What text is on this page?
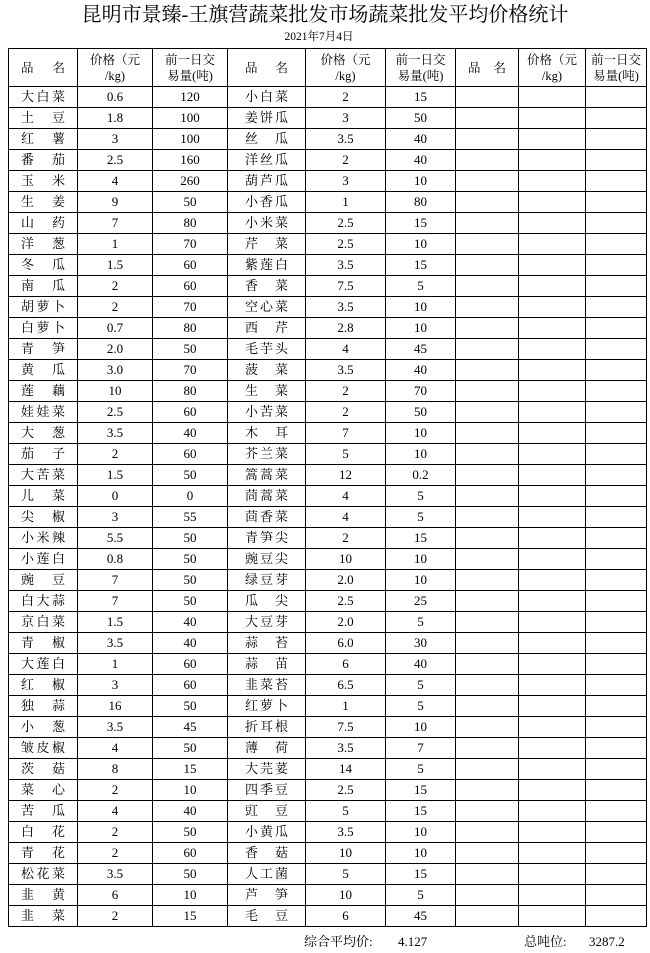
昆明市景臻-王旗营蔬菜批发市场蔬菜批发平均价格统计
2021年7月4日
品　名	价格（元
/kg)	前一日交
易量(吨)	品　名	价格（元
/kg)	前一日交
易量(吨)	品　名	价格（元
/kg)	前一日交
易量(吨)
大白菜	0.6	120	小白菜	2	15			
土　豆	1.8	100	姜饼瓜	3	50			
红　薯	3	100	丝　瓜	3.5	40			
番　茄	2.5	160	洋丝瓜	2	40			
玉　米	4	260	葫芦瓜	3	10			
生　姜	9	50	小香瓜	1	80			
山　药	7	80	小米菜	2.5	15			
洋　葱	1	70	芹　菜	2.5	10			
冬　瓜	1.5	60	紫莲白	3.5	15			
南　瓜	2	60	香　菜	7.5	5			
胡萝卜	2	70	空心菜	3.5	10			
白萝卜	0.7	80	西　芹	2.8	10			
青　笋	2.0	50	毛芋头	4	45			
黄　瓜	3.0	70	菠　菜	3.5	40			
莲　藕	10	80	生　菜	2	70			
娃娃菜	2.5	60	小苦菜	2	50			
大　葱	3.5	40	木　耳	7	10			
茄　子	2	60	芥兰菜	5	10			
大苦菜	1.5	50	篙蒿菜	12	0.2			
儿　菜	0	0	茼蒿菜	4	5			
尖　椒	3	55	茴香菜	4	5			
小米辣	5.5	50	青笋尖	2	15			
小莲白	0.8	50	豌豆尖	10	10			
豌　豆	7	50	绿豆芽	2.0	10			
白大蒜	7	50	瓜　尖	2.5	25			
京白菜	1.5	40	大豆芽	2.0	5			
青　椒	3.5	40	蒜　苔	6.0	30			
大莲白	1	60	蒜　苗	6	40			
红　椒	3	60	韭菜苔	6.5	5			
独　蒜	16	50	红萝卜	1	5			
小　葱	3.5	45	折耳根	7.5	10			
皱皮椒	4	50	薄　荷	3.5	7			
茨　菇	8	15	大芫荽	14	5			
菜　心	2	10	四季豆	2.5	15			
苦　瓜	4	40	豇　豆	5	15			
白　花	2	50	小黄瓜	3.5	10			
青　花	2	60	香　菇	10	10			
松花菜	3.5	50	人工菌	5	15			
韭　黄	6	10	芦　笋	10	5			
韭　菜	2	15	毛　豆	6	45			
综合平均价: 4.127	总吨位: 3287.2
